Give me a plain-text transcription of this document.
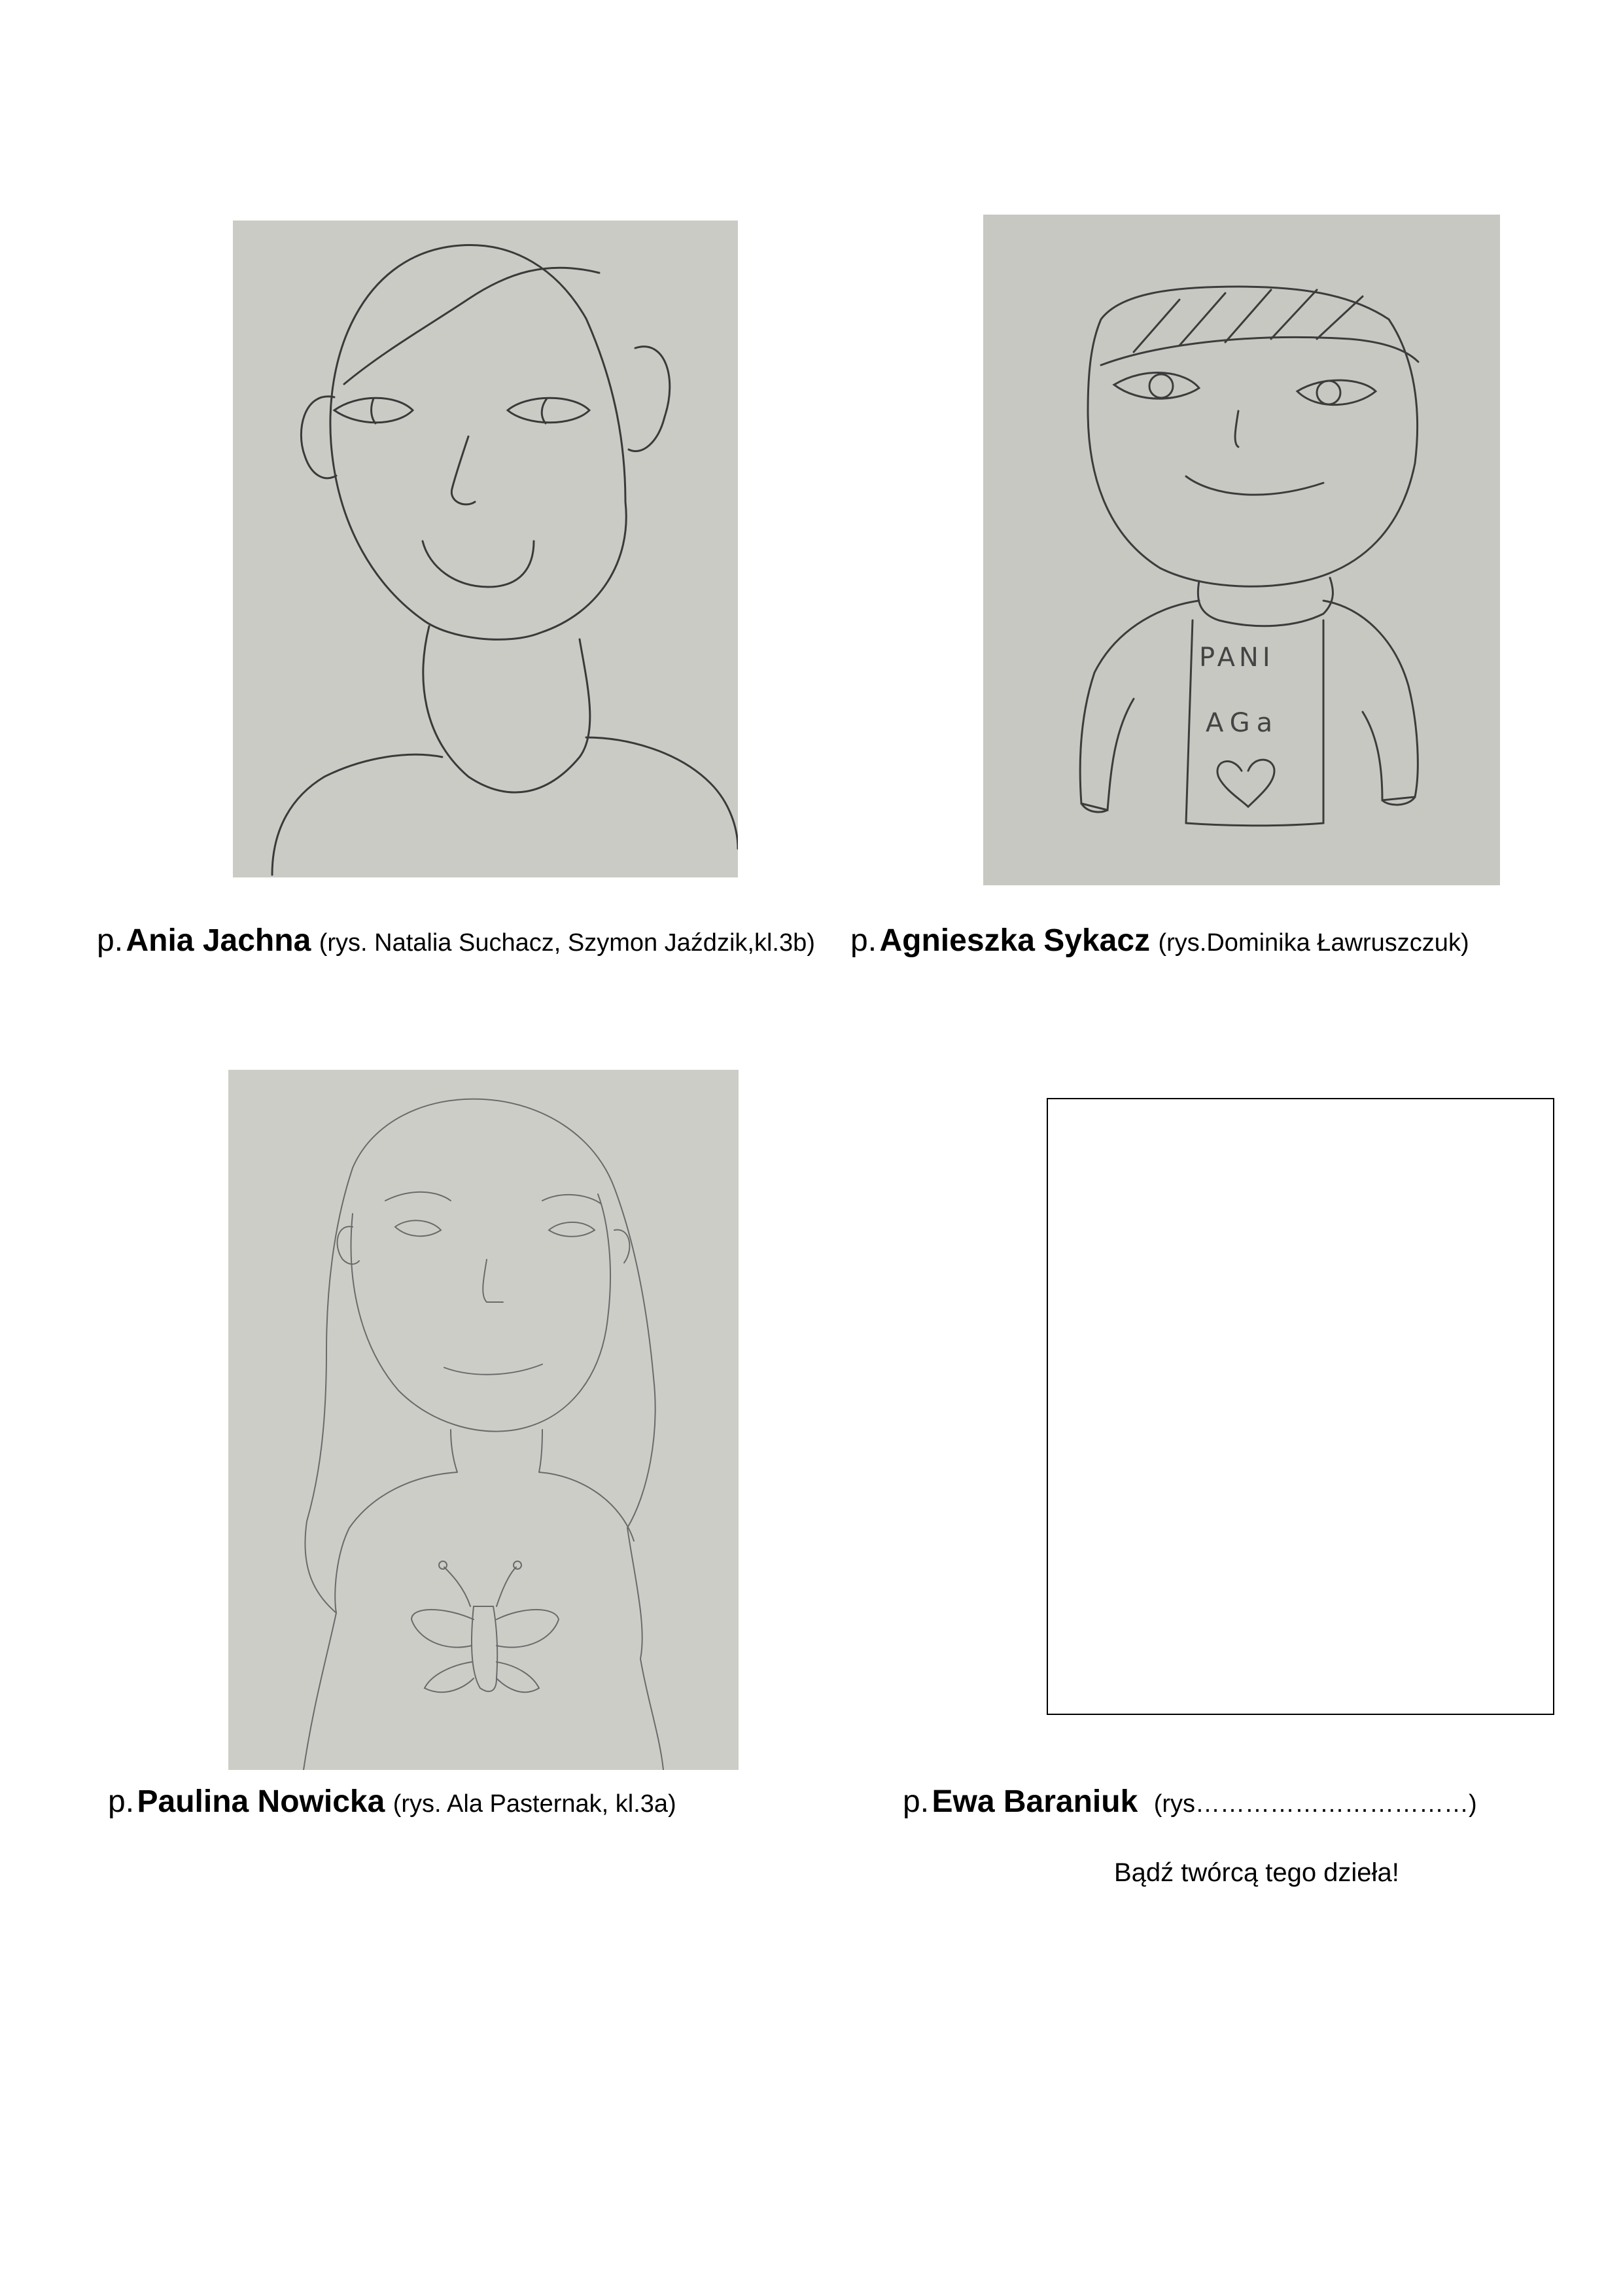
PANI
AGa
p. Ania Jachna (rys. Natalia Suchacz, Szymon Jaździk,kl.3b) p. Agnieszka Sykacz (rys.Dominika Ławruszczuk)
p. Paulina Nowicka (rys. Ala Pasternak, kl.3a)	p. Ewa Baraniuk (rys……………………………)
Bądź twórcą tego dzieła!
